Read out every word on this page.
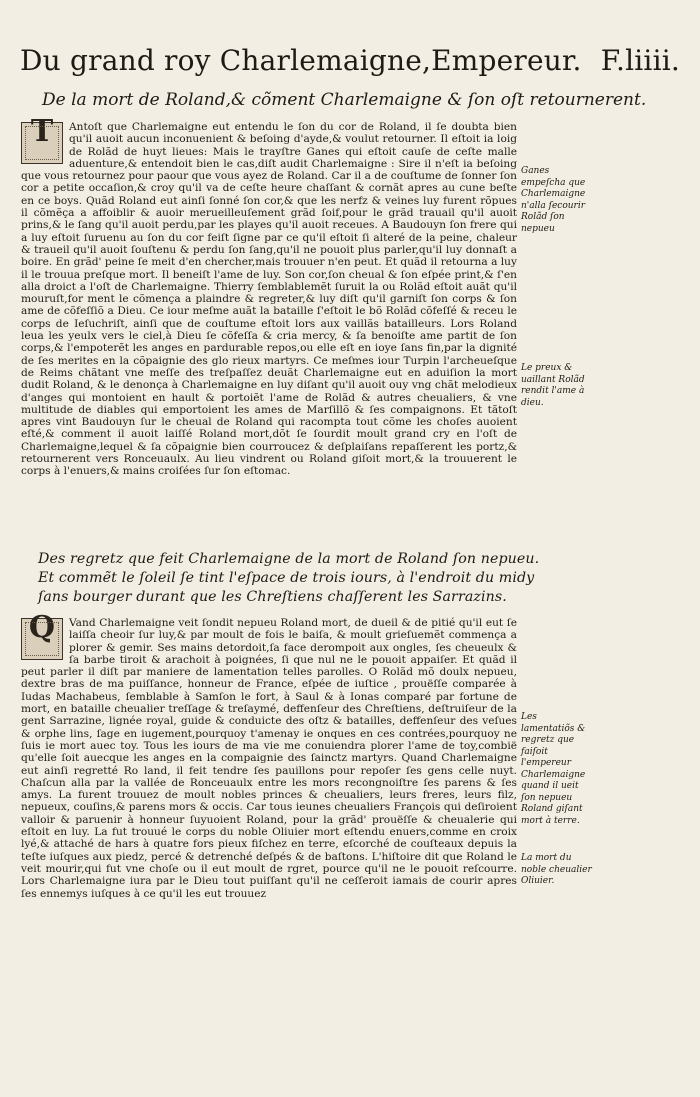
Du grand roy Charlemaigne,Empereur. F.liiii.
De la mort de Roland,& cõment Charlemaigne & ſon oſt retournerent.
T	Antoſt que Charlemaigne eut entendu le ſon du cor de Roland, il ſe doubta bien qu'il auoit aucun inconuenient & beſoing d'ayde,& voulut retourner. Il eſtoit ia loig de Rolãd de huyt lieues: Mais le trayſtre Ganes qui eſtoit cauſe de ceſte malle aduenture,& entendoit bien le cas,diſt audit Charlemaigne : Sire il n'eſt ia beſoing que vous retournez pour paour que vous ayez de Roland. Car il a de couſtume de ſonner ſon cor a petite occaſion,& croy qu'il va de ceſte heure chaſſant & cornãt apres au cune beſte en ce boys. Quãd Roland eut ainſi ſonné ſon cor,& que les nerfz & veines luy furent rõpues il cõmẽça a affoiblir & auoir merueilleuſement grãd ſoif,pour le grãd trauail qu'il auoit prins,& le ſang qu'il auoit perdu,par les playes qu'il auoit receues. A Baudouyn ſon frere qui a luy eſtoit ſuruenu au ſon du cor feiſt ſigne par ce qu'il eſtoit ſi alteré de la peine, chaleur & traueil qu'il auoit ſouſtenu & perdu ſon ſang,qu'il ne pouoit plus parler,qu'il luy donnaſt a boire. En grãd' peine ſe meit d'en chercher,mais trouuer n'en peut. Et quãd il retourna a luy il le trouua preſque mort. Il beneiſt l'ame de luy. Son cor,ſon cheual & ſon eſpée print,& ſ'en alla droict a l'oſt de Charlemaigne. Thierry ſemblablemẽt ſuruit la ou Rolãd eſtoit auãt qu'il mouruſt,for ment le cõmença a plaindre & regreter,& luy diſt qu'il garniſt ſon corps & ſon ame de cõfeſſiõ a Dieu. Ce iour meſme auãt la bataille ſ'eſtoit le bõ Rolãd cõfeſſé & receu le corps de Ieſuchriſt, ainſi que de couſtume eſtoit lors aux vaillãs batailleurs. Lors Roland leua les yeulx vers le ciel,à Dieu ſe cõfeſſa & cria mercy, & ſa benoiſte ame partit de ſon corps,& l'empoterẽt les anges en pardurable repos,ou elle eſt en ioye ſans fin,par la dignité de ſes merites en la cõpaignie des glo rieux martyrs. Ce meſmes iour Turpin l'archeueſque de Reims chãtant vne meſſe des treſpaſſez deuãt Charlemaigne eut en aduiſion la mort dudit Roland, & le denonça à Charlemaigne en luy diſant qu'il auoit ouy vng chãt melodieux d'anges qui montoient en hault & portoiẽt l'ame de Rolãd & autres cheualiers, & vne multitude de diables qui emportoient les ames de Marſillõ & ſes compaignons. Et tãtoſt apres vint Baudouyn ſur le cheual de Roland qui racompta tout cõme les choſes auoient eſté,& comment il auoit laiſſé Roland mort,dõt ſe ſourdit moult grand cry en l'oſt de Charlemaigne,lequel & ſa cõpaignie bien courroucez & deſplaiſans repaſſerent les portz,& retournerent vers Ronceuaulx. Au lieu vindrent ou Roland giſoit mort,& la trouuerent le corps à l'enuers,& mains croiſées ſur ſon eſtomac.
Des regretz que feit Charlemaigne de la mort de Roland ſon nepueu.
Et commẽt le ſoleil ſe tint l'eſpace de trois iours, à l'endroit du midy
ſans bourger durant que les Chreſtiens chaſſerent les Sarrazins.
Q	Vand Charlemaigne veit ſondit nepueu Roland mort, de dueil & de pitié qu'il eut ſe laiſſa cheoir ſur luy,& par moult de fois le baiſa, & moult grieſuemẽt commença a plorer & gemir. Ses mains detordoit,ſa face derompoit aux ongles, ſes cheueulx & ſa barbe tiroit & arachoit à poignées, ſi que nul ne le pouoit appaiſer. Et quãd il peut parler il diſt par maniere de lamentation telles parolles. O Rolãd mõ doulx nepueu, dextre bras de ma puiſſance, honneur de France, eſpée de iuſtice , prouëſſe comparée à Iudas Machabeus, ſemblable à Samſon le fort, à Saul & à Ionas comparé par fortune de mort, en bataille cheualier treſſage & treſaymé, deffenſeur des Chreſtiens, deſtruiſeur de la gent Sarrazine, lignée royal, guide & conduicte des oſtz & batailles, deffenſeur des veſues & orphe lins, ſage en iugement,pourquoy t'amenay ie onques en ces contrées,pourquoy ne ſuis ie mort auec toy. Tous les iours de ma vie me conuiendra plorer l'ame de toy,combië qu'elle ſoit auecque les anges en la compaignie des ſainctz martyrs. Quand Charlemaigne eut ainſi regretté Ro land, il feit tendre ſes pauillons pour repoſer ſes gens celle nuyt. Chaſcun alla par la vallée de Ronceuaulx entre les mors recongnoiſtre ſes parens & ſes amys. La furent trouuez de moult nobles princes & cheualiers, leurs freres, leurs filz, nepueux, couſins,& parens mors & occis. Car tous ieunes cheualiers François qui deſiroient valloir & paruenir à honneur ſuyuoient Roland, pour la grãd' prouëſſe & cheualerie qui eſtoit en luy. La fut trouué le corps du noble Oliuier mort eſtendu enuers,comme en croix lyé,& attaché de hars à quatre fors pieux fiſchez en terre, eſcorché de couſteaux depuis la teſte iuſques aux piedz, percé & detrenché deſpés & de baſtons. L'hiſtoire dit que Roland le veit mourir,qui fut vne choſe ou il eut moult de rgret, pource qu'il ne le pouoit reſcourre. Lors Charlemaigne iura par le Dieu tout puiſſant qu'il ne ceſſeroit iamais de courir apres ſes ennemys iuſques à ce qu'il les eut trouuez
Ganes empeſcha que Charlemaigne n'alla ſecourir Rolãd ſon nepueu
Le preux & uaillant Rolãd rendit l'ame à dieu.
Les lamentatiõs & regretz que faiſoit l'empereur Charlemaigne quand il ueit ſon nepueu Roland giſant mort à terre.
La mort du noble cheualier Oliuier.
